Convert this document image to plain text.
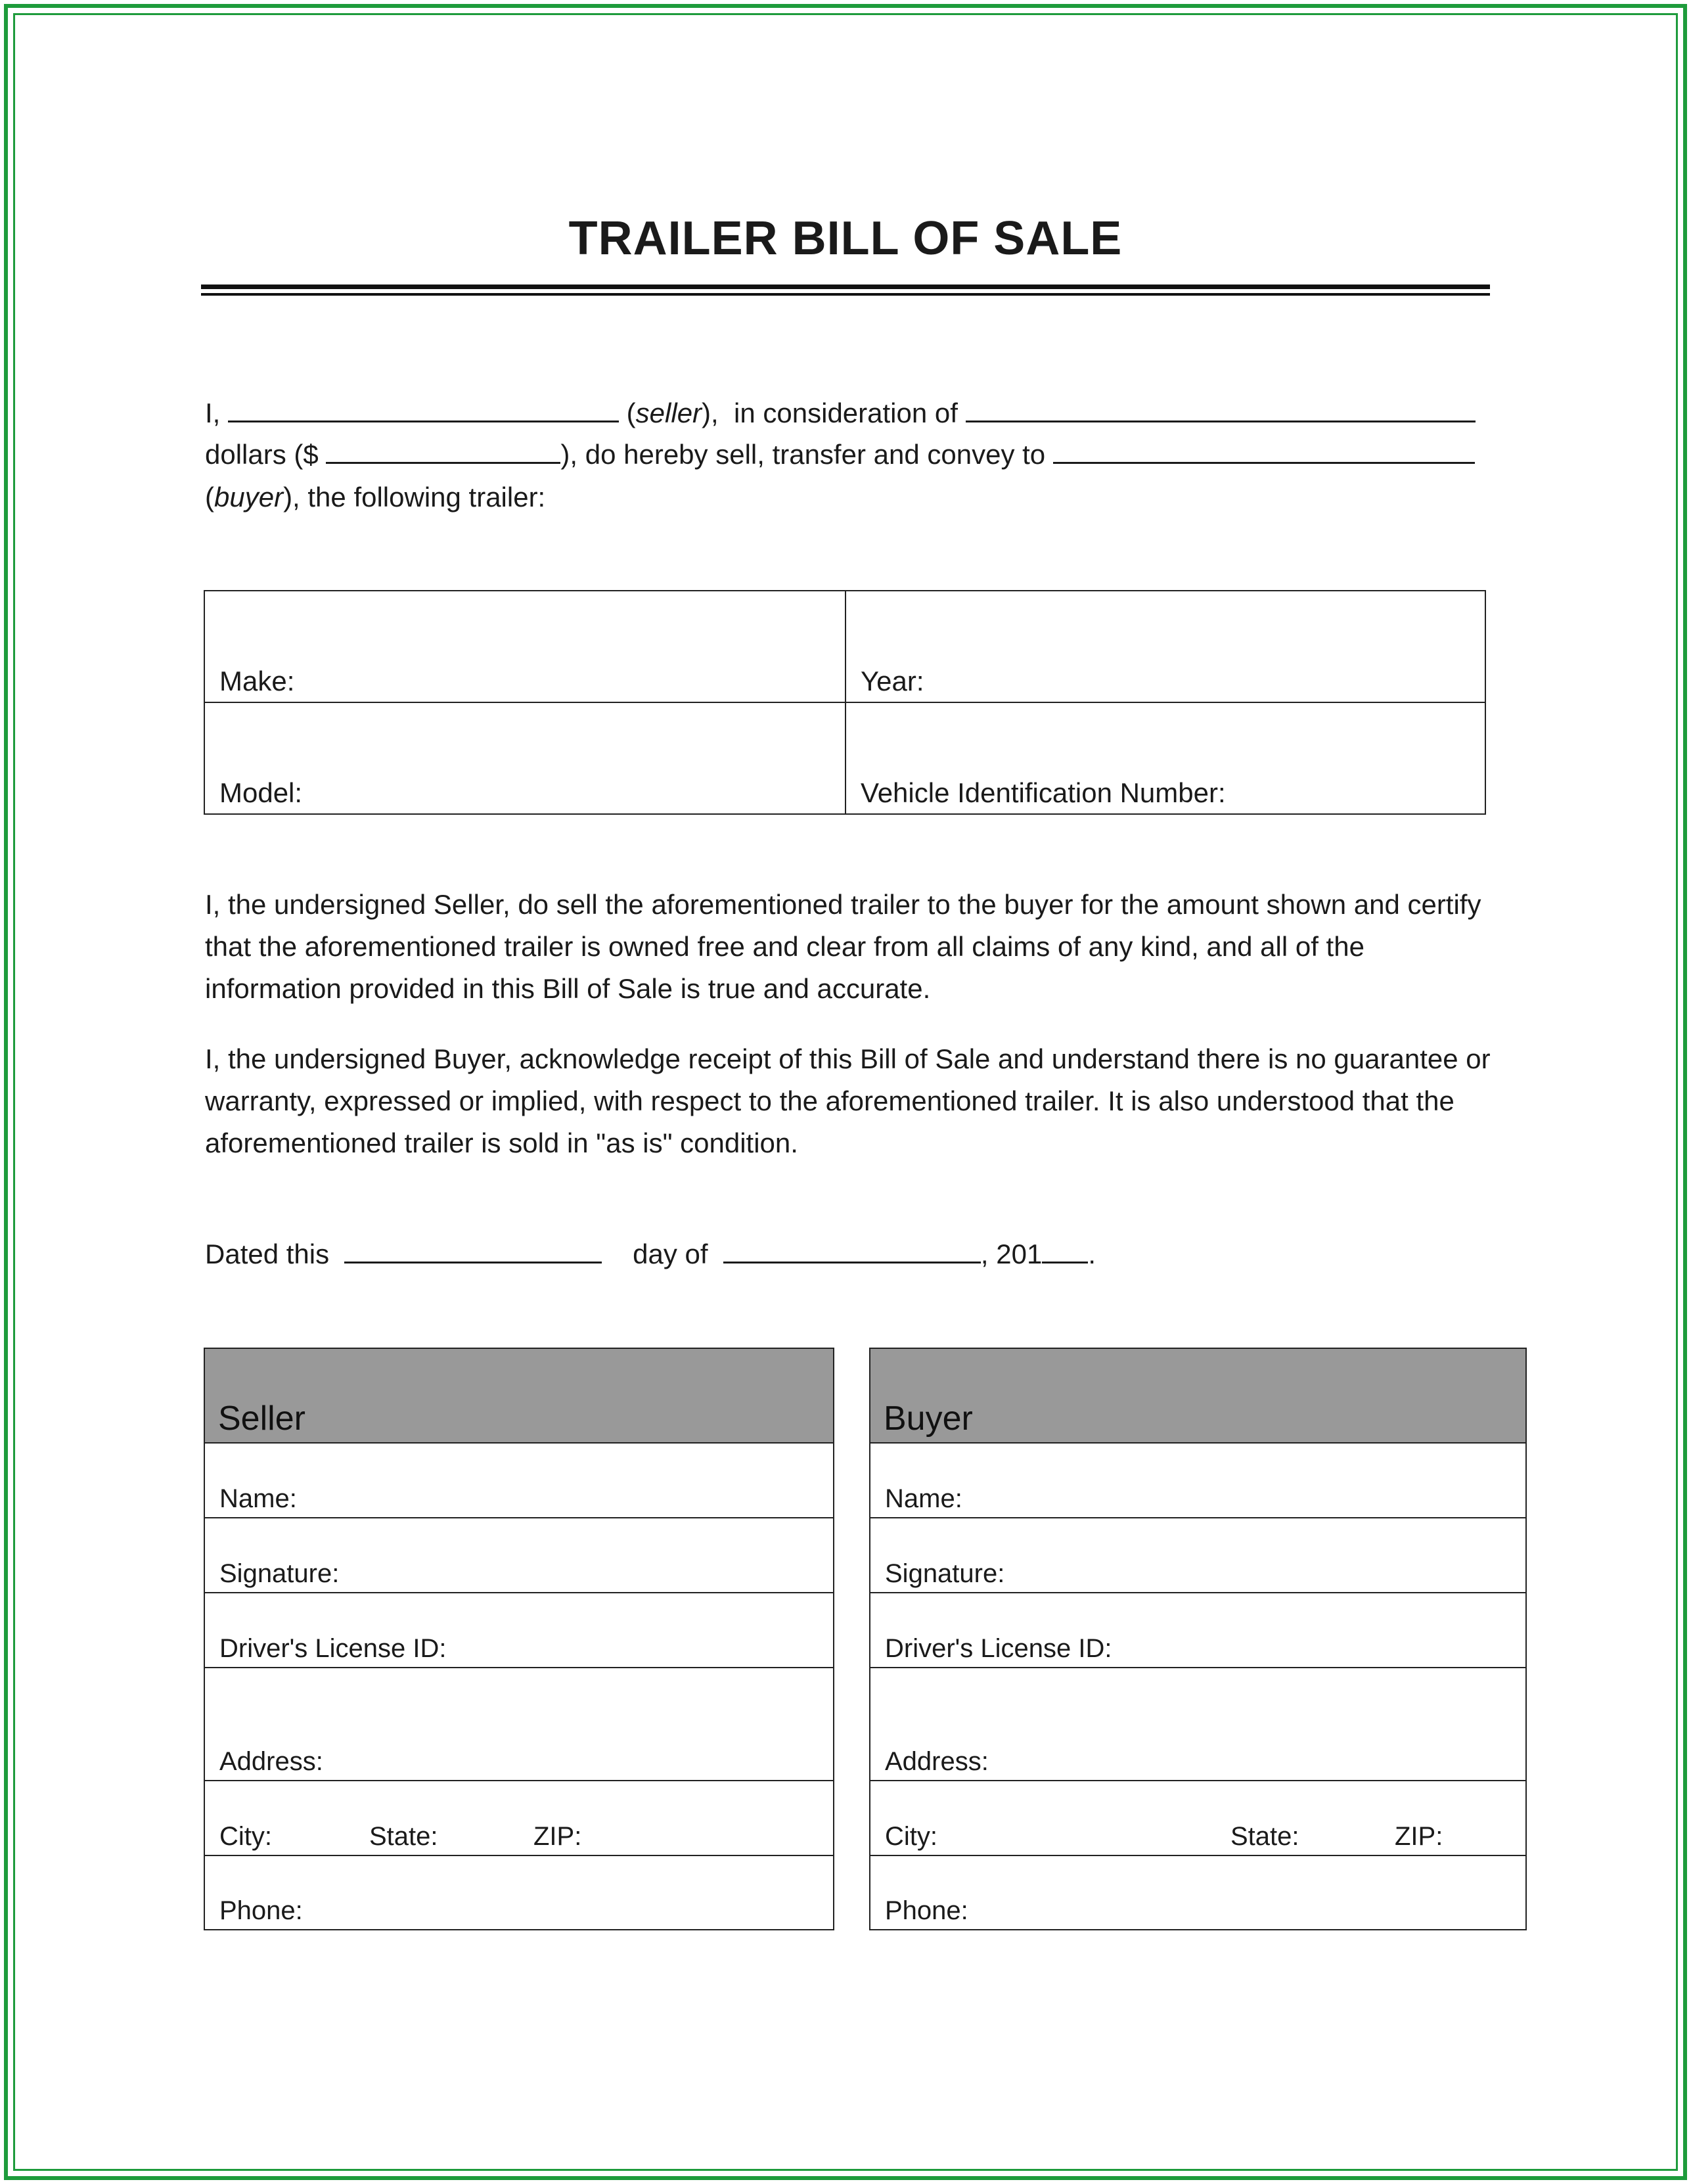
TRAILER BILL OF SALE
I,	(seller),  in consideration of
dollars ($	), do hereby sell, transfer and convey to
(buyer), the following trailer:
Make:	Year:
Model:	Vehicle Identification Number:
I, the undersigned Seller, do sell the aforementioned trailer to the buyer for the amount shown and certify that the aforementioned trailer is owned free and clear from all claims of any kind, and all of the information provided in this Bill of Sale is true and accurate.
I, the undersigned Buyer, acknowledge receipt of this Bill of Sale and understand there is no guarantee or warranty, expressed or implied, with respect to the aforementioned trailer. It is also understood that the aforementioned trailer is sold in "as is" condition.
Dated this	day of	, 201 .
Seller
Name:
Signature:
Driver's License ID:
Address:
City:	State:	ZIP:
Phone:
Buyer
Name:
Signature:
Driver's License ID:
Address:
City:	State:	ZIP:
Phone:
